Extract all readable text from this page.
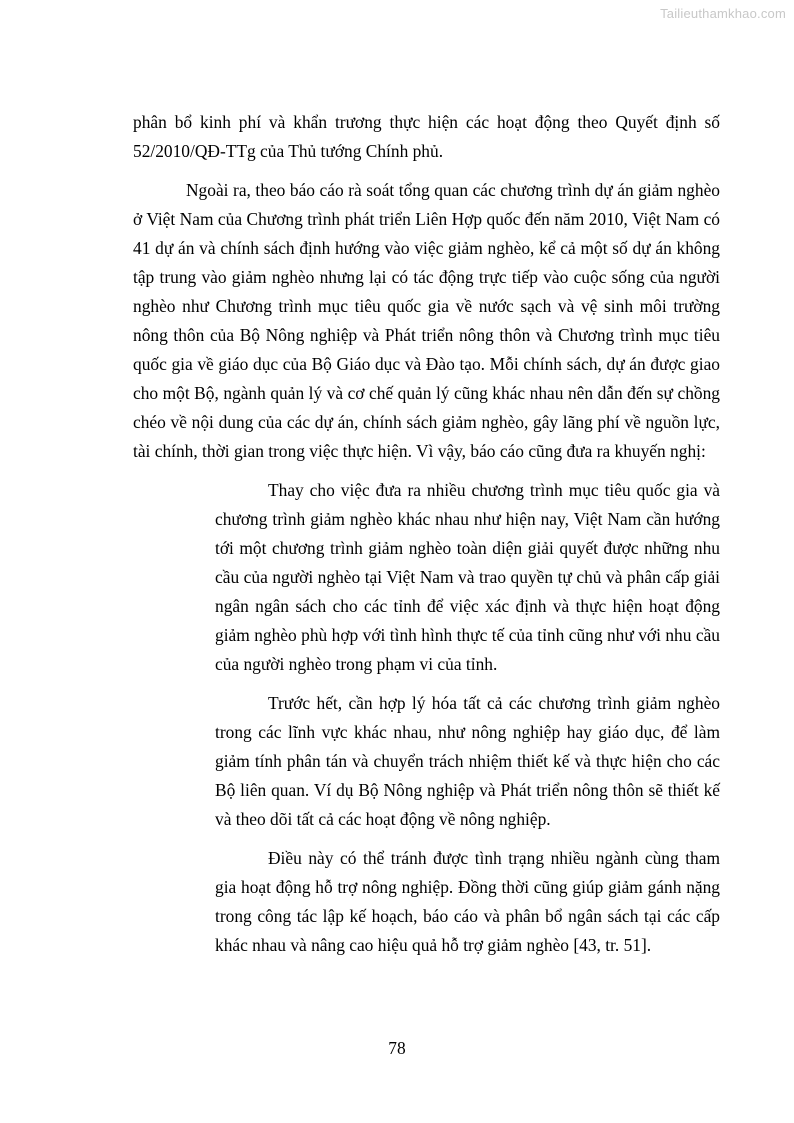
Tailieuthamkhao.com

phân bổ kinh phí và khẩn trương thực hiện các hoạt động theo Quyết định số 52/2010/QĐ-TTg của Thủ tướng Chính phủ.

Ngoài ra, theo báo cáo rà soát tổng quan các chương trình dự án giảm nghèo ở Việt Nam của Chương trình phát triển Liên Hợp quốc đến năm 2010, Việt Nam có 41 dự án và chính sách định hướng vào việc giảm nghèo, kể cả một số dự án không tập trung vào giảm nghèo nhưng lại có tác động trực tiếp vào cuộc sống của người nghèo như Chương trình mục tiêu quốc gia về nước sạch và vệ sinh môi trường nông thôn của Bộ Nông nghiệp và Phát triển nông thôn và Chương trình mục tiêu quốc gia về giáo dục của Bộ Giáo dục và Đào tạo. Mỗi chính sách, dự án được giao cho một Bộ, ngành quản lý và cơ chế quản lý cũng khác nhau nên dẫn đến sự chồng chéo về nội dung của các dự án, chính sách giảm nghèo, gây lãng phí về nguồn lực, tài chính, thời gian trong việc thực hiện. Vì vậy, báo cáo cũng đưa ra khuyến nghị:

Thay cho việc đưa ra nhiều chương trình mục tiêu quốc gia và chương trình giảm nghèo khác nhau như hiện nay, Việt Nam cần hướng tới một chương trình giảm nghèo toàn diện giải quyết được những nhu cầu của người nghèo tại Việt Nam và trao quyền tự chủ và phân cấp giải ngân ngân sách cho các tỉnh để việc xác định và thực hiện hoạt động giảm nghèo phù hợp với tình hình thực tế của tỉnh cũng như với nhu cầu của người nghèo trong phạm vi của tỉnh.

Trước hết, cần hợp lý hóa tất cả các chương trình giảm nghèo trong các lĩnh vực khác nhau, như nông nghiệp hay giáo dục, để làm giảm tính phân tán và chuyển trách nhiệm thiết kế và thực hiện cho các Bộ liên quan. Ví dụ Bộ Nông nghiệp và Phát triển nông thôn sẽ thiết kế và theo dõi tất cả các hoạt động về nông nghiệp.

Điều này có thể tránh được tình trạng nhiều ngành cùng tham gia hoạt động hỗ trợ nông nghiệp. Đồng thời cũng giúp giảm gánh nặng trong công tác lập kế hoạch, báo cáo và phân bổ ngân sách tại các cấp khác nhau và nâng cao hiệu quả hỗ trợ giảm nghèo [43, tr. 51].

78
